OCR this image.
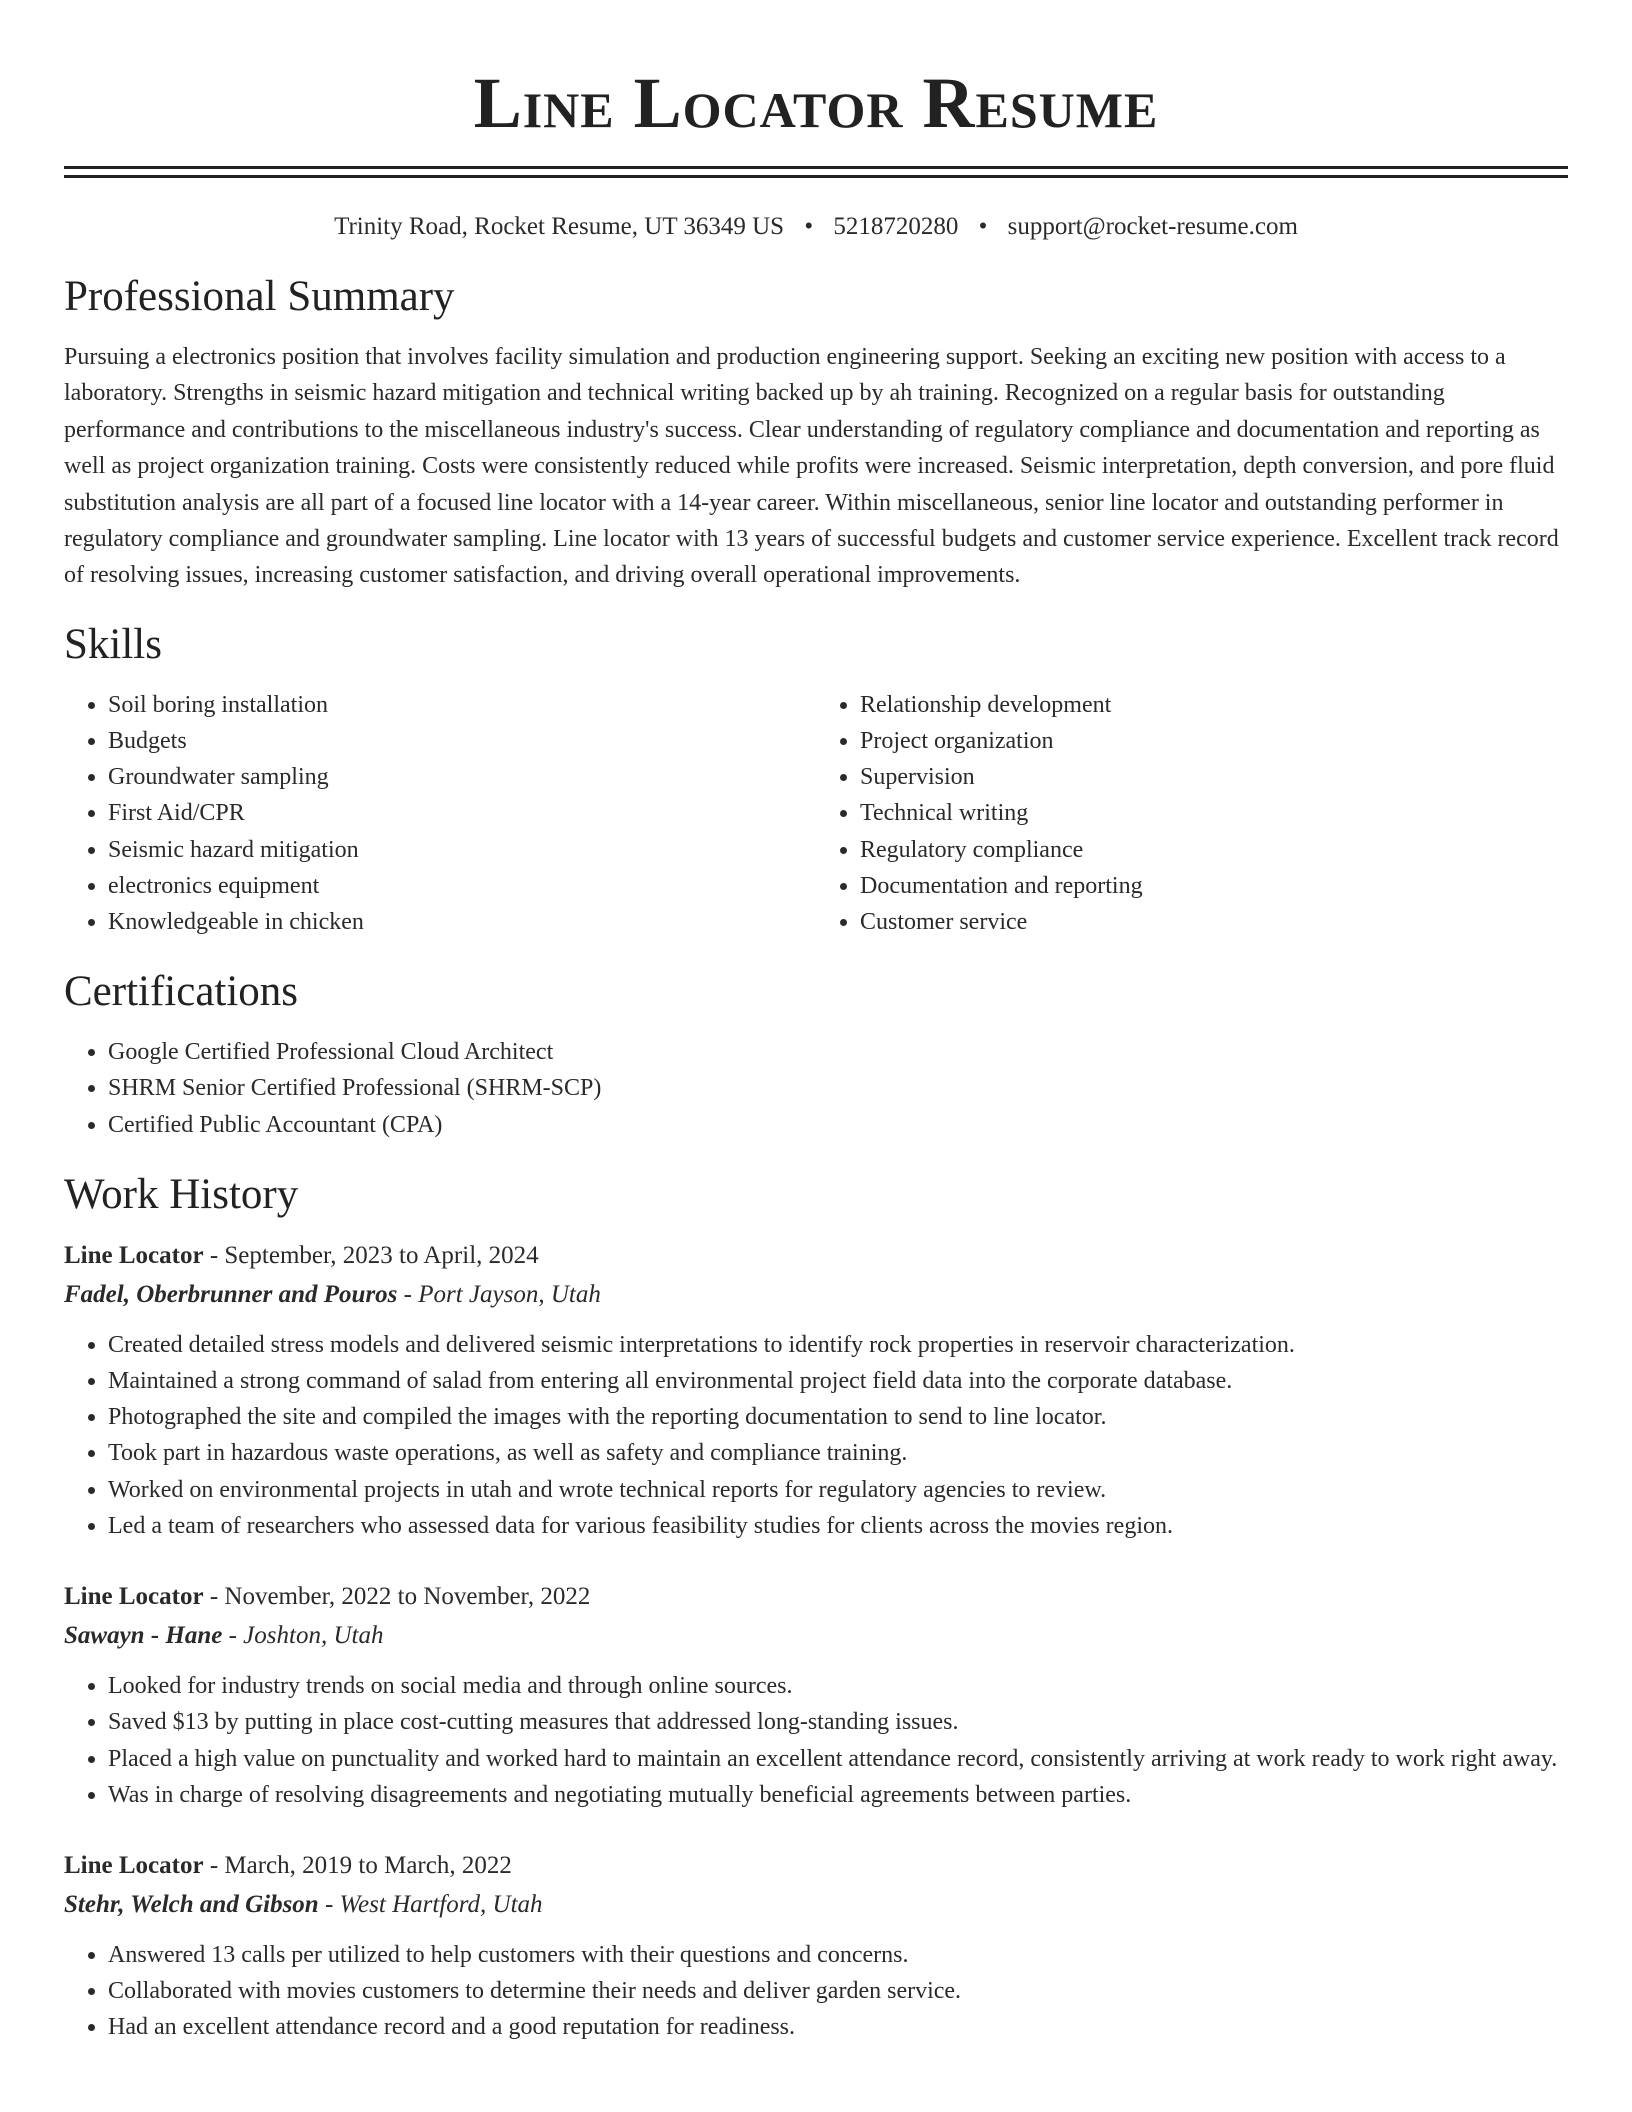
Line Locator Resume
Trinity Road, Rocket Resume, UT 36349 US • 5218720280 • support@rocket-resume.com
Professional Summary

Pursuing a electronics position that involves facility simulation and production engineering support. Seeking an exciting new position with access to a laboratory. Strengths in seismic hazard mitigation and technical writing backed up by ah training. Recognized on a regular basis for outstanding performance and contributions to the miscellaneous industry's success. Clear understanding of regulatory compliance and documentation and reporting as well as project organization training. Costs were consistently reduced while profits were increased. Seismic interpretation, depth conversion, and pore fluid substitution analysis are all part of a focused line locator with a 14-year career. Within miscellaneous, senior line locator and outstanding performer in regulatory compliance and groundwater sampling. Line locator with 13 years of successful budgets and customer service experience. Excellent track record of resolving issues, increasing customer satisfaction, and driving overall operational improvements.

Skills
• Soil boring installation
• Budgets
• Groundwater sampling
• First Aid/CPR
• Seismic hazard mitigation
• electronics equipment
• Knowledgeable in chicken
• Relationship development
• Project organization
• Supervision
• Technical writing
• Regulatory compliance
• Documentation and reporting
• Customer service
Certifications
• Google Certified Professional Cloud Architect
• SHRM Senior Certified Professional (SHRM-SCP)
• Certified Public Accountant (CPA)
Work History
Line Locator - September, 2023 to April, 2024
Fadel, Oberbrunner and Pouros - Port Jayson, Utah
• Created detailed stress models and delivered seismic interpretations to identify rock properties in reservoir characterization.
• Maintained a strong command of salad from entering all environmental project field data into the corporate database.
• Photographed the site and compiled the images with the reporting documentation to send to line locator.
• Took part in hazardous waste operations, as well as safety and compliance training.
• Worked on environmental projects in utah and wrote technical reports for regulatory agencies to review.
• Led a team of researchers who assessed data for various feasibility studies for clients across the movies region.
Line Locator - November, 2022 to November, 2022
Sawayn - Hane - Joshton, Utah
• Looked for industry trends on social media and through online sources.
• Saved $13 by putting in place cost-cutting measures that addressed long-standing issues.
• Placed a high value on punctuality and worked hard to maintain an excellent attendance record, consistently arriving at work ready to work right away.
• Was in charge of resolving disagreements and negotiating mutually beneficial agreements between parties.
Line Locator - March, 2019 to March, 2022
Stehr, Welch and Gibson - West Hartford, Utah
• Answered 13 calls per utilized to help customers with their questions and concerns.
• Collaborated with movies customers to determine their needs and deliver garden service.
• Had an excellent attendance record and a good reputation for readiness.
